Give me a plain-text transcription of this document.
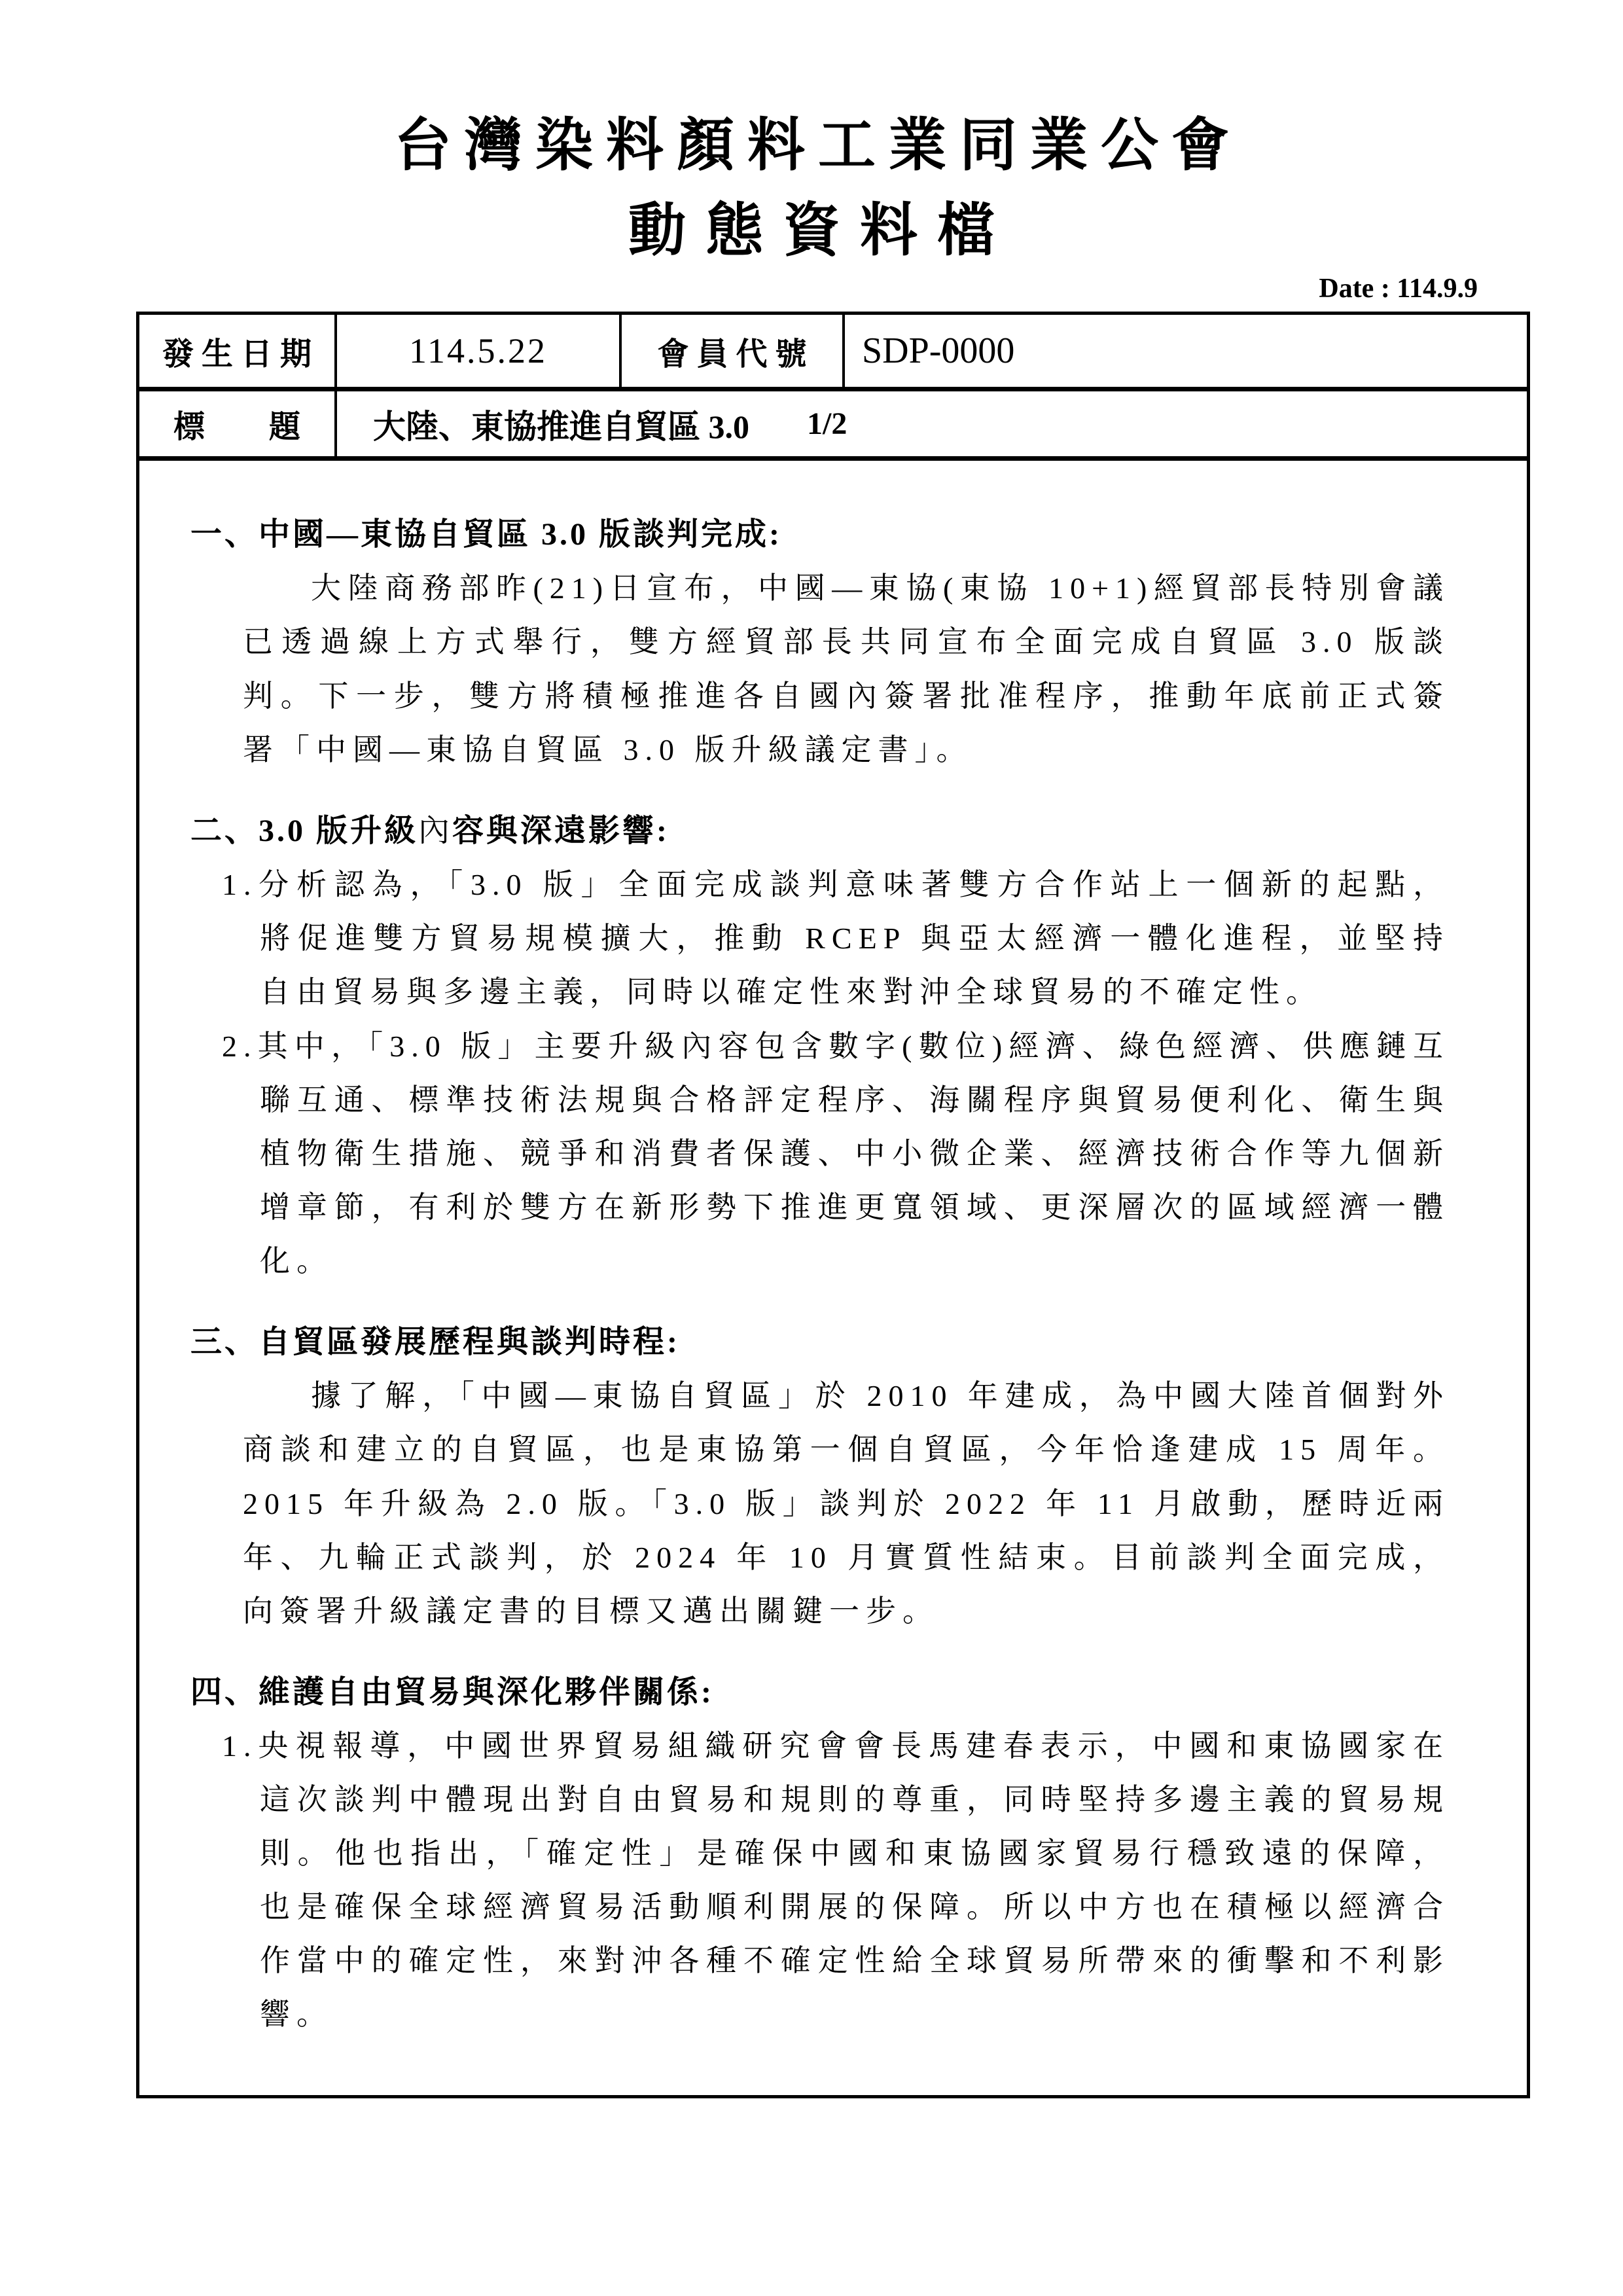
台灣染料顏料工業同業公會
動態資料檔
Date : 114.9.9
發生日期	114.5.22	會員代號	SDP-0000
標 題 大陸、東協推進自貿區 3.0 1/2
一、中國—東協自貿區 3.0 版談判完成:
大陸商務部昨(21)日宣布，中國—東協(東協 10+1)經貿部長特別會議已透過線上方式舉行，雙方經貿部長共同宣布全面完成自貿區 3.0 版談判。下一步，雙方將積極推進各自國內簽署批准程序，推動年底前正式簽署「中國—東協自貿區 3.0 版升級議定書」。
二、3.0 版升級內容與深遠影響:
1.分析認為，「3.0 版」全面完成談判意味著雙方合作站上一個新的起點，將促進雙方貿易規模擴大，推動 RCEP 與亞太經濟一體化進程，並堅持自由貿易與多邊主義，同時以確定性來對沖全球貿易的不確定性。
2.其中，「3.0 版」主要升級內容包含數字(數位)經濟、綠色經濟、供應鏈互聯互通、標準技術法規與合格評定程序、海關程序與貿易便利化、衛生與植物衛生措施、競爭和消費者保護、中小微企業、經濟技術合作等九個新增章節，有利於雙方在新形勢下推進更寬領域、更深層次的區域經濟一體化。
三、自貿區發展歷程與談判時程:
據了解，「中國—東協自貿區」於 2010 年建成，為中國大陸首個對外商談和建立的自貿區，也是東協第一個自貿區，今年恰逢建成 15 周年。2015 年升級為 2.0 版。「3.0 版」談判於 2022 年 11 月啟動，歷時近兩年、九輪正式談判，於 2024 年 10 月實質性結束。目前談判全面完成，向簽署升級議定書的目標又邁出關鍵一步。
四、維護自由貿易與深化夥伴關係:
1.央視報導，中國世界貿易組織研究會會長馬建春表示，中國和東協國家在這次談判中體現出對自由貿易和規則的尊重，同時堅持多邊主義的貿易規則。他也指出，「確定性」是確保中國和東協國家貿易行穩致遠的保障，也是確保全球經濟貿易活動順利開展的保障。所以中方也在積極以經濟合作當中的確定性，來對沖各種不確定性給全球貿易所帶來的衝擊和不利影響。
